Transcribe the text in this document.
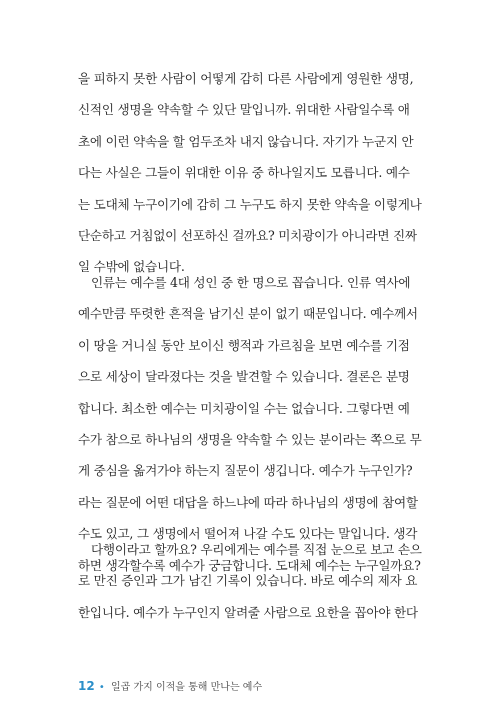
을 피하지 못한 사람이 어떻게 감히 다른 사람에게 영원한 생명,
신적인 생명을 약속할 수 있단 말입니까. 위대한 사람일수록 애
초에 이런 약속을 할 엄두조차 내지 않습니다. 자기가 누군지 안
다는 사실은 그들이 위대한 이유 중 하나일지도 모릅니다. 예수
는 도대체 누구이기에 감히 그 누구도 하지 못한 약속을 이렇게나
단순하고 거침없이 선포하신 걸까요? 미치광이가 아니라면 진짜
일 수밖에 없습니다.
인류는 예수를 4대 성인 중 한 명으로 꼽습니다. 인류 역사에
예수만큼 뚜렷한 흔적을 남기신 분이 없기 때문입니다. 예수께서
이 땅을 거니실 동안 보이신 행적과 가르침을 보면 예수를 기점
으로 세상이 달라졌다는 것을 발견할 수 있습니다. 결론은 분명
합니다. 최소한 예수는 미치광이일 수는 없습니다. 그렇다면 예
수가 참으로 하나님의 생명을 약속할 수 있는 분이라는 쪽으로 무
게 중심을 옮겨가야 하는지 질문이 생깁니다. 예수가 누구인가?
라는 질문에 어떤 대답을 하느냐에 따라 하나님의 생명에 참여할
수도 있고, 그 생명에서 떨어져 나갈 수도 있다는 말입니다. 생각
하면 생각할수록 예수가 궁금합니다. 도대체 예수는 누구일까요?
다행이라고 할까요? 우리에게는 예수를 직접 눈으로 보고 손으
로 만진 증인과 그가 남긴 기록이 있습니다. 바로 예수의 제자 요
한입니다. 예수가 누구인지 알려줄 사람으로 요한을 꼽아야 한다
12 • 일곱 가지 이적을 통해 만나는 예수
